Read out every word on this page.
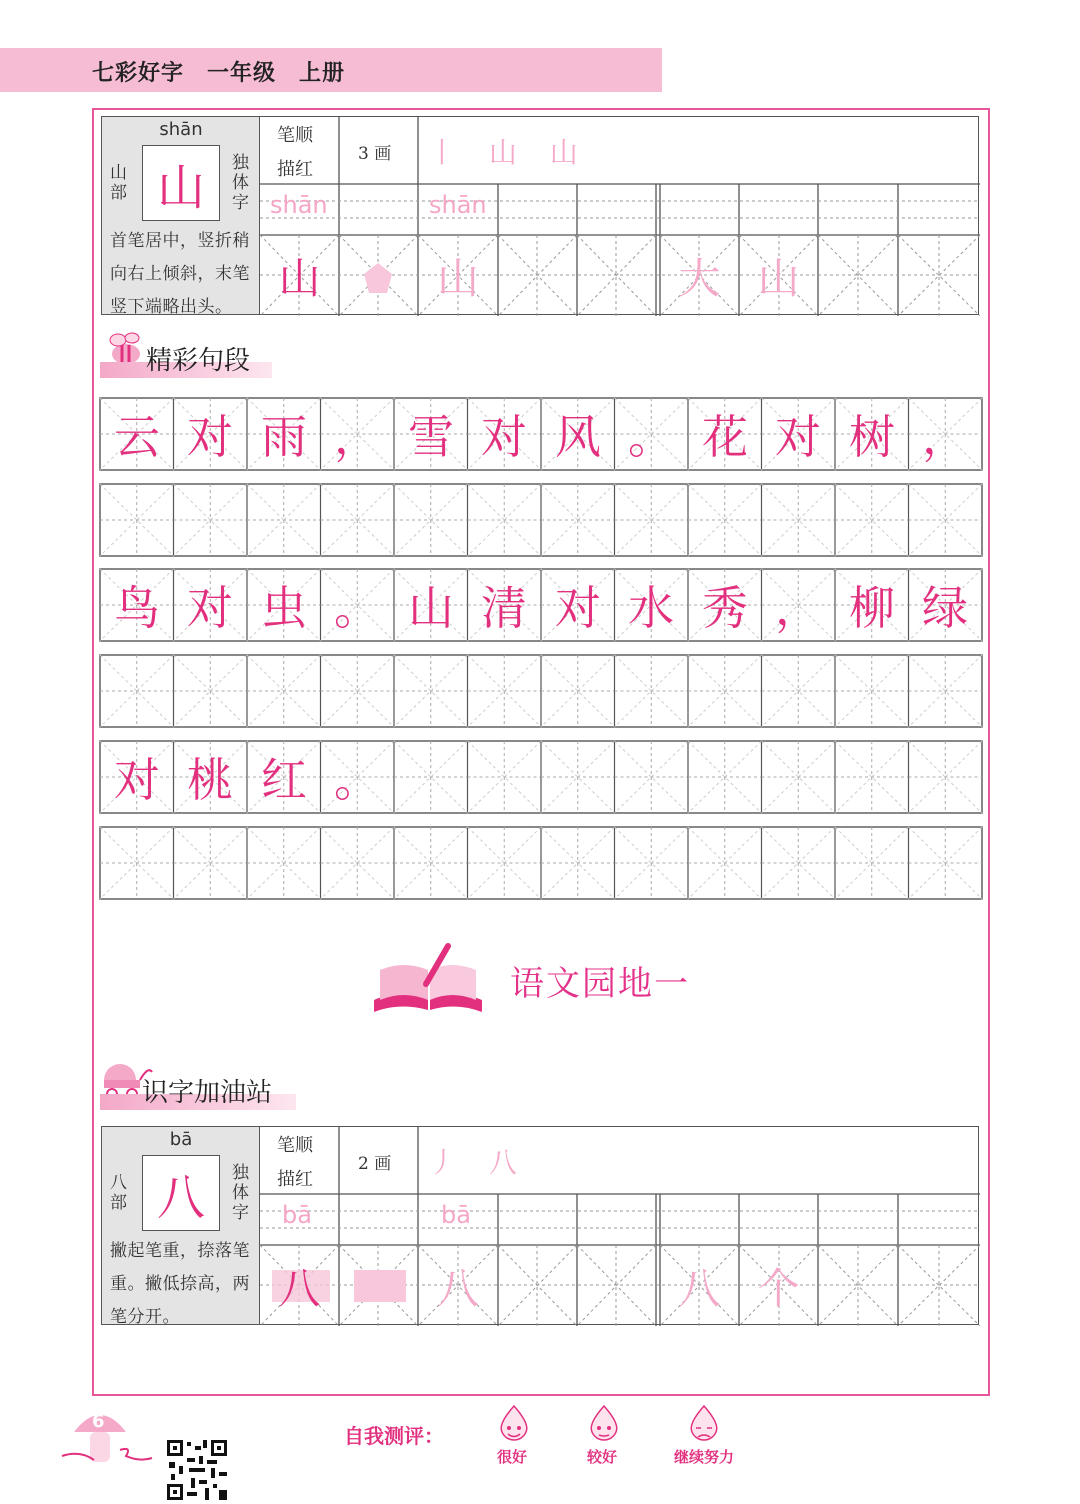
七彩好字　一年级　上册
shān
山
山部
独体字
首笔居中，竖折稍向右上倾斜，末笔竖下端略出头。
笔顺
描红
3 画 丨 山 山
shān	shān
山	山	大 山
精彩句段
云 对 雨 ， 雪 对 风 。 花 对 树 ，
鸟 对 虫 。 山 清 对 水 秀 ， 柳 绿
对 桃 红 。
语文园地一
识字加油站
bā
八
八部
独体字
撇起笔重，捺落笔重。撇低捺高，两笔分开。
笔顺
描红
2 画 丿 八
bā	bā
八	八	八 个
6
自我测评：
很好	较好	继续努力
